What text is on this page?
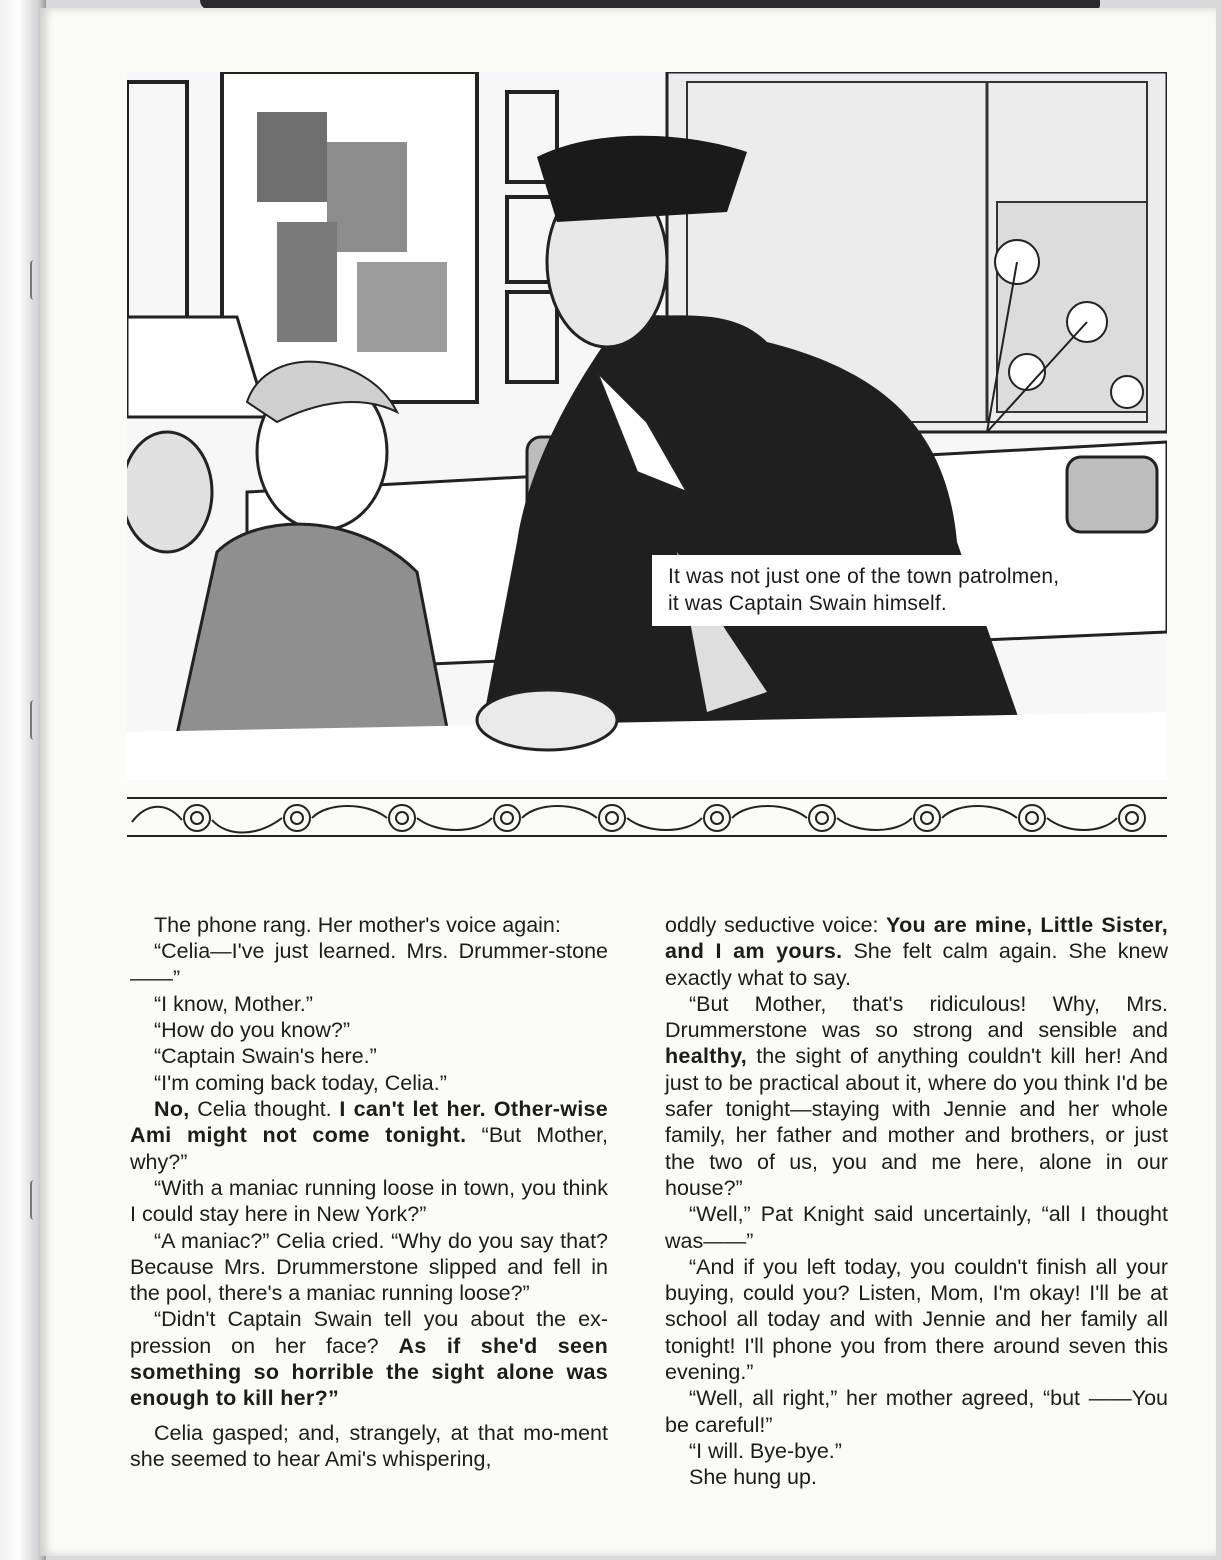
It was not just one of the town patrolmen,
it was Captain Swain himself.

The phone rang. Her mother's voice again:

“Celia—I've just learned. Mrs. Drummer-stone——”

“I know, Mother.”

“How do you know?”

“Captain Swain's here.”

“I'm coming back today, Celia.”

No, Celia thought. I can't let her. Other-wise Ami might not come tonight. “But Mother, why?”

“With a maniac running loose in town, you think I could stay here in New York?”

“A maniac?” Celia cried. “Why do you say that? Because Mrs. Drummerstone slipped and fell in the pool, there's a maniac running loose?”

“Didn't Captain Swain tell you about the ex-pression on her face? As if she'd seen something so horrible the sight alone was enough to kill her?”

Celia gasped; and, strangely, at that mo-ment she seemed to hear Ami's whispering,

oddly seductive voice: You are mine, Little Sister, and I am yours. She felt calm again. She knew exactly what to say.

“But Mother, that's ridiculous! Why, Mrs. Drummerstone was so strong and sensible and healthy, the sight of anything couldn't kill her! And just to be practical about it, where do you think I'd be safer tonight—staying with Jennie and her whole family, her father and mother and brothers, or just the two of us, you and me here, alone in our house?”

“Well,” Pat Knight said uncertainly, “all I thought was——”

“And if you left today, you couldn't finish all your buying, could you? Listen, Mom, I'm okay! I'll be at school all today and with Jennie and her family all tonight! I'll phone you from there around seven this evening.”

“Well, all right,” her mother agreed, “but ——You be careful!”

“I will. Bye-bye.”

She hung up.
